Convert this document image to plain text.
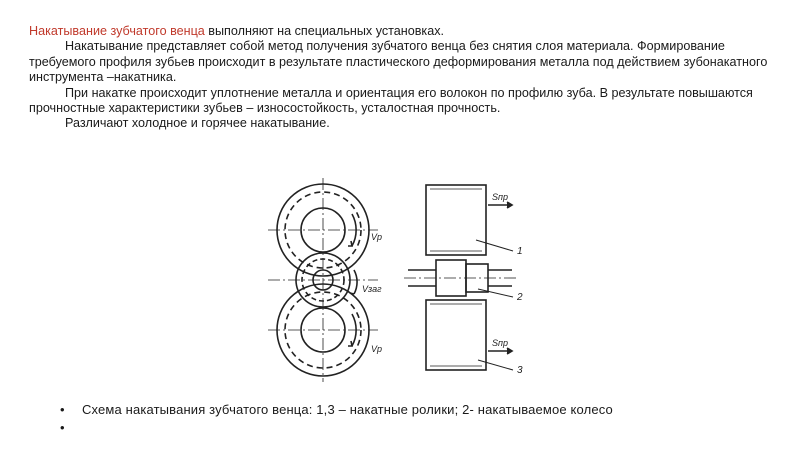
Накатывание зубчатого венца выполняют на специальных установках.

Накатывание представляет собой метод получения зубчатого венца без снятия слоя материала. Формирование требуемого профиля зубьев происходит в результате пластического деформирования металла под действием зубонакатного инструмента –накатника.

При накатке происходит уплотнение металла и ориентация его волокон по профилю зуба. В результате повышаются прочностные характеристики зубьев – износостойкость, усталостная прочность.

Различают холодное и горячее накатывание.

Vp
Vзаг
Vp
Sпр
Sпр
1
2
3
• Схема накатывания зубчатого венца: 1,3 – накатные ролики; 2- накатываемое колесо
•
